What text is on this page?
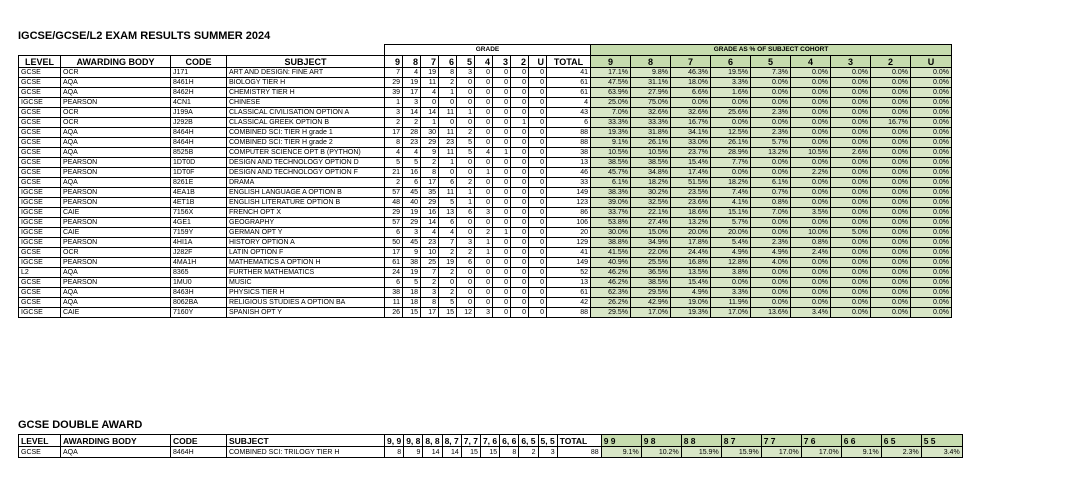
IGCSE/GCSE/L2 EXAM RESULTS SUMMER 2024
				GRADE										GRADE AS % OF SUBJECT COHORT								
LEVEL	AWARDING BODY	CODE	SUBJECT	9	8	7	6	5	4	3	2	U	TOTAL	9	8	7	6	5	4	3	2	U
GCSE	OCR	J171	ART AND DESIGN: FINE ART	7	4	19	8	3	0	0	0	0	41	17.1%	9.8%	46.3%	19.5%	7.3%	0.0%	0.0%	0.0%	0.0%
GCSE	AQA	8461H	BIOLOGY TIER H	29	19	11	2	0	0	0	0	0	61	47.5%	31.1%	18.0%	3.3%	0.0%	0.0%	0.0%	0.0%	0.0%
GCSE	AQA	8462H	CHEMISTRY TIER H	39	17	4	1	0	0	0	0	0	61	63.9%	27.9%	6.6%	1.6%	0.0%	0.0%	0.0%	0.0%	0.0%
IGCSE	PEARSON	4CN1	CHINESE	1	3	0	0	0	0	0	0	0	4	25.0%	75.0%	0.0%	0.0%	0.0%	0.0%	0.0%	0.0%	0.0%
GCSE	OCR	J199A	CLASSICAL CIVILISATION OPTION A	3	14	14	11	1	0	0	0	0	43	7.0%	32.6%	32.6%	25.6%	2.3%	0.0%	0.0%	0.0%	0.0%
GCSE	OCR	J292B	CLASSICAL GREEK OPTION B	2	2	1	0	0	0	0	1	0	6	33.3%	33.3%	16.7%	0.0%	0.0%	0.0%	0.0%	16.7%	0.0%
GCSE	AQA	8464H	COMBINED SCI: TIER H grade 1	17	28	30	11	2	0	0	0	0	88	19.3%	31.8%	34.1%	12.5%	2.3%	0.0%	0.0%	0.0%	0.0%
GCSE	AQA	8464H	COMBINED SCI: TIER H grade 2	8	23	29	23	5	0	0	0	0	88	9.1%	26.1%	33.0%	26.1%	5.7%	0.0%	0.0%	0.0%	0.0%
GCSE	AQA	8525B	COMPUTER SCIENCE OPT B (PYTHON)	4	4	9	11	5	4	1	0	0	38	10.5%	10.5%	23.7%	28.9%	13.2%	10.5%	2.6%	0.0%	0.0%
GCSE	PEARSON	1DT0D	DESIGN AND TECHNOLOGY OPTION D	5	5	2	1	0	0	0	0	0	13	38.5%	38.5%	15.4%	7.7%	0.0%	0.0%	0.0%	0.0%	0.0%
GCSE	PEARSON	1DT0F	DESIGN AND TECHNOLOGY OPTION F	21	16	8	0	0	1	0	0	0	46	45.7%	34.8%	17.4%	0.0%	0.0%	2.2%	0.0%	0.0%	0.0%
GCSE	AQA	8261E	DRAMA	2	6	17	6	2	0	0	0	0	33	6.1%	18.2%	51.5%	18.2%	6.1%	0.0%	0.0%	0.0%	0.0%
IGCSE	PEARSON	4EA1B	ENGLISH LANGUAGE A OPTION B	57	45	35	11	1	0	0	0	0	149	38.3%	30.2%	23.5%	7.4%	0.7%	0.0%	0.0%	0.0%	0.0%
IGCSE	PEARSON	4ET1B	ENGLISH LITERATURE OPTION B	48	40	29	5	1	0	0	0	0	123	39.0%	32.5%	23.6%	4.1%	0.8%	0.0%	0.0%	0.0%	0.0%
IGCSE	CAIE	7156X	FRENCH OPT X	29	19	16	13	6	3	0	0	0	86	33.7%	22.1%	18.6%	15.1%	7.0%	3.5%	0.0%	0.0%	0.0%
IGCSE	PEARSON	4GE1	GEOGRAPHY	57	29	14	6	0	0	0	0	0	106	53.8%	27.4%	13.2%	5.7%	0.0%	0.0%	0.0%	0.0%	0.0%
IGCSE	CAIE	7159Y	GERMAN OPT Y	6	3	4	4	0	2	1	0	0	20	30.0%	15.0%	20.0%	20.0%	0.0%	10.0%	5.0%	0.0%	0.0%
IGCSE	PEARSON	4HI1A	HISTORY OPTION A	50	45	23	7	3	1	0	0	0	129	38.8%	34.9%	17.8%	5.4%	2.3%	0.8%	0.0%	0.0%	0.0%
GCSE	OCR	J282F	LATIN OPTION F	17	9	10	2	2	1	0	0	0	41	41.5%	22.0%	24.4%	4.9%	4.9%	2.4%	0.0%	0.0%	0.0%
IGCSE	PEARSON	4MA1H	MATHEMATICS A OPTION H	61	38	25	19	6	0	0	0	0	149	40.9%	25.5%	16.8%	12.8%	4.0%	0.0%	0.0%	0.0%	0.0%
L2	AQA	8365	FURTHER MATHEMATICS	24	19	7	2	0	0	0	0	0	52	46.2%	36.5%	13.5%	3.8%	0.0%	0.0%	0.0%	0.0%	0.0%
GCSE	PEARSON	1MU0	MUSIC	6	5	2	0	0	0	0	0	0	13	46.2%	38.5%	15.4%	0.0%	0.0%	0.0%	0.0%	0.0%	0.0%
GCSE	AQA	8463H	PHYSICS TIER H	38	18	3	2	0	0	0	0	0	61	62.3%	29.5%	4.9%	3.3%	0.0%	0.0%	0.0%	0.0%	0.0%
GCSE	AQA	8062BA	RELIGIOUS STUDIES A OPTION BA	11	18	8	5	0	0	0	0	0	42	26.2%	42.9%	19.0%	11.9%	0.0%	0.0%	0.0%	0.0%	0.0%
IGCSE	CAIE	7160Y	SPANISH OPT Y	26	15	17	15	12	3	0	0	0	88	29.5%	17.0%	19.3%	17.0%	13.6%	3.4%	0.0%	0.0%	0.0%
GCSE DOUBLE AWARD
LEVEL	AWARDING BODY	CODE	SUBJECT	9, 9	9, 8	8, 8	8, 7	7, 7	7, 6	6, 6	6, 5	5, 5	TOTAL	9 9	9 8	8 8	8 7	7 7	7 6	6 6	6 5	5 5
GCSE	AQA	8464H	COMBINED SCI: TRILOGY TIER H	8	9	14	14	15	15	8	2	3	88	9.1%	10.2%	15.9%	15.9%	17.0%	17.0%	9.1%	2.3%	3.4%
